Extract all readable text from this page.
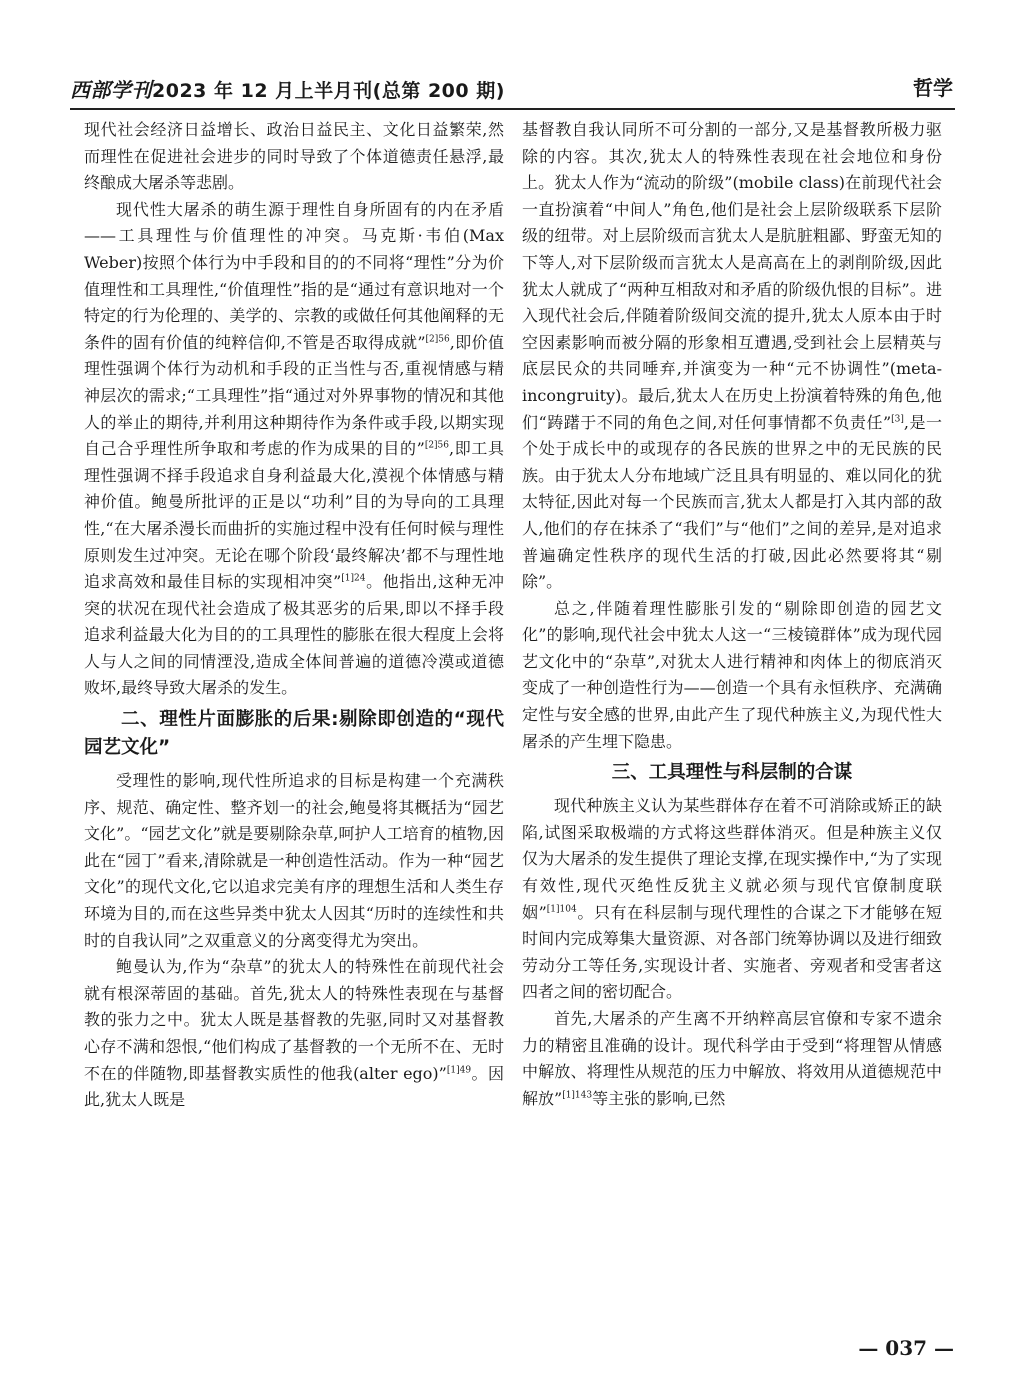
西部学刊2023 年 12 月上半月刊(总第 200 期)	哲学

现代社会经济日益增长、政治日益民主、文化日益繁荣,然而理性在促进社会进步的同时导致了个体道德责任悬浮,最终酿成大屠杀等悲剧。

现代性大屠杀的萌生源于理性自身所固有的内在矛盾——工具理性与价值理性的冲突。马克斯·韦伯(Max Weber)按照个体行为中手段和目的的不同将“理性”分为价值理性和工具理性,“价值理性”指的是“通过有意识地对一个特定的行为伦理的、美学的、宗教的或做任何其他阐释的无条件的固有价值的纯粹信仰,不管是否取得成就”$^{[2]56}$,即价值理性强调个体行为动机和手段的正当性与否,重视情感与精神层次的需求;“工具理性”指“通过对外界事物的情况和其他人的举止的期待,并利用这种期待作为条件或手段,以期实现自己合乎理性所争取和考虑的作为成果的目的”$^{[2]56}$,即工具理性强调不择手段追求自身利益最大化,漠视个体情感与精神价值。鲍曼所批评的正是以“功利”目的为导向的工具理性,“在大屠杀漫长而曲折的实施过程中没有任何时候与理性原则发生过冲突。无论在哪个阶段‘最终解决’都不与理性地追求高效和最佳目标的实现相冲突”$^{[1]24}$。他指出,这种无冲突的状况在现代社会造成了极其恶劣的后果,即以不择手段追求利益最大化为目的的工具理性的膨胀在很大程度上会将人与人之间的同情湮没,造成全体间普遍的道德冷漠或道德败坏,最终导致大屠杀的发生。

二、理性片面膨胀的后果:剔除即创造的“现代园艺文化”

受理性的影响,现代性所追求的目标是构建一个充满秩序、规范、确定性、整齐划一的社会,鲍曼将其概括为“园艺文化”。“园艺文化”就是要剔除杂草,呵护人工培育的植物,因此在“园丁”看来,清除就是一种创造性活动。作为一种“园艺文化”的现代文化,它以追求完美有序的理想生活和人类生存环境为目的,而在这些异类中犹太人因其“历时的连续性和共时的自我认同”之双重意义的分离变得尤为突出。

鲍曼认为,作为“杂草”的犹太人的特殊性在前现代社会就有根深蒂固的基础。首先,犹太人的特殊性表现在与基督教的张力之中。犹太人既是基督教的先驱,同时又对基督教心存不满和怨恨,“他们构成了基督教的一个无所不在、无时不在的伴随物,即基督教实质性的他我(alter ego)”$^{[1]49}$。因此,犹太人既是

基督教自我认同所不可分割的一部分,又是基督教所极力驱除的内容。其次,犹太人的特殊性表现在社会地位和身份上。犹太人作为“流动的阶级”(mobile class)在前现代社会一直扮演着“中间人”角色,他们是社会上层阶级联系下层阶级的纽带。对上层阶级而言犹太人是肮脏粗鄙、野蛮无知的下等人,对下层阶级而言犹太人是高高在上的剥削阶级,因此犹太人就成了“两种互相敌对和矛盾的阶级仇恨的目标”。进入现代社会后,伴随着阶级间交流的提升,犹太人原本由于时空因素影响而被分隔的形象相互遭遇,受到社会上层精英与底层民众的共同唾弃,并演变为一种“元不协调性”(meta-incongruity)。最后,犹太人在历史上扮演着特殊的角色,他们“踌躇于不同的角色之间,对任何事情都不负责任”[3],是一个处于成长中的或现存的各民族的世界之中的无民族的民族。由于犹太人分布地域广泛且具有明显的、难以同化的犹太特征,因此对每一个民族而言,犹太人都是打入其内部的敌人,他们的存在抹杀了“我们”与“他们”之间的差异,是对追求普遍确定性秩序的现代生活的打破,因此必然要将其“剔除”。

总之,伴随着理性膨胀引发的“剔除即创造的园艺文化”的影响,现代社会中犹太人这一“三棱镜群体”成为现代园艺文化中的“杂草”,对犹太人进行精神和肉体上的彻底消灭变成了一种创造性行为——创造一个具有永恒秩序、充满确定性与安全感的世界,由此产生了现代种族主义,为现代性大屠杀的产生埋下隐患。

三、工具理性与科层制的合谋

现代种族主义认为某些群体存在着不可消除或矫正的缺陷,试图采取极端的方式将这些群体消灭。但是种族主义仅仅为大屠杀的发生提供了理论支撑,在现实操作中,“为了实现有效性,现代灭绝性反犹主义就必须与现代官僚制度联姻”$^{[1]104}$。只有在科层制与现代理性的合谋之下才能够在短时间内完成筹集大量资源、对各部门统筹协调以及进行细致劳动分工等任务,实现设计者、实施者、旁观者和受害者这四者之间的密切配合。

首先,大屠杀的产生离不开纳粹高层官僚和专家不遗余力的精密且准确的设计。现代科学由于受到“将理智从情感中解放、将理性从规范的压力中解放、将效用从道德规范中解放”$^{[1]143}$等主张的影响,已然

— 037 —
